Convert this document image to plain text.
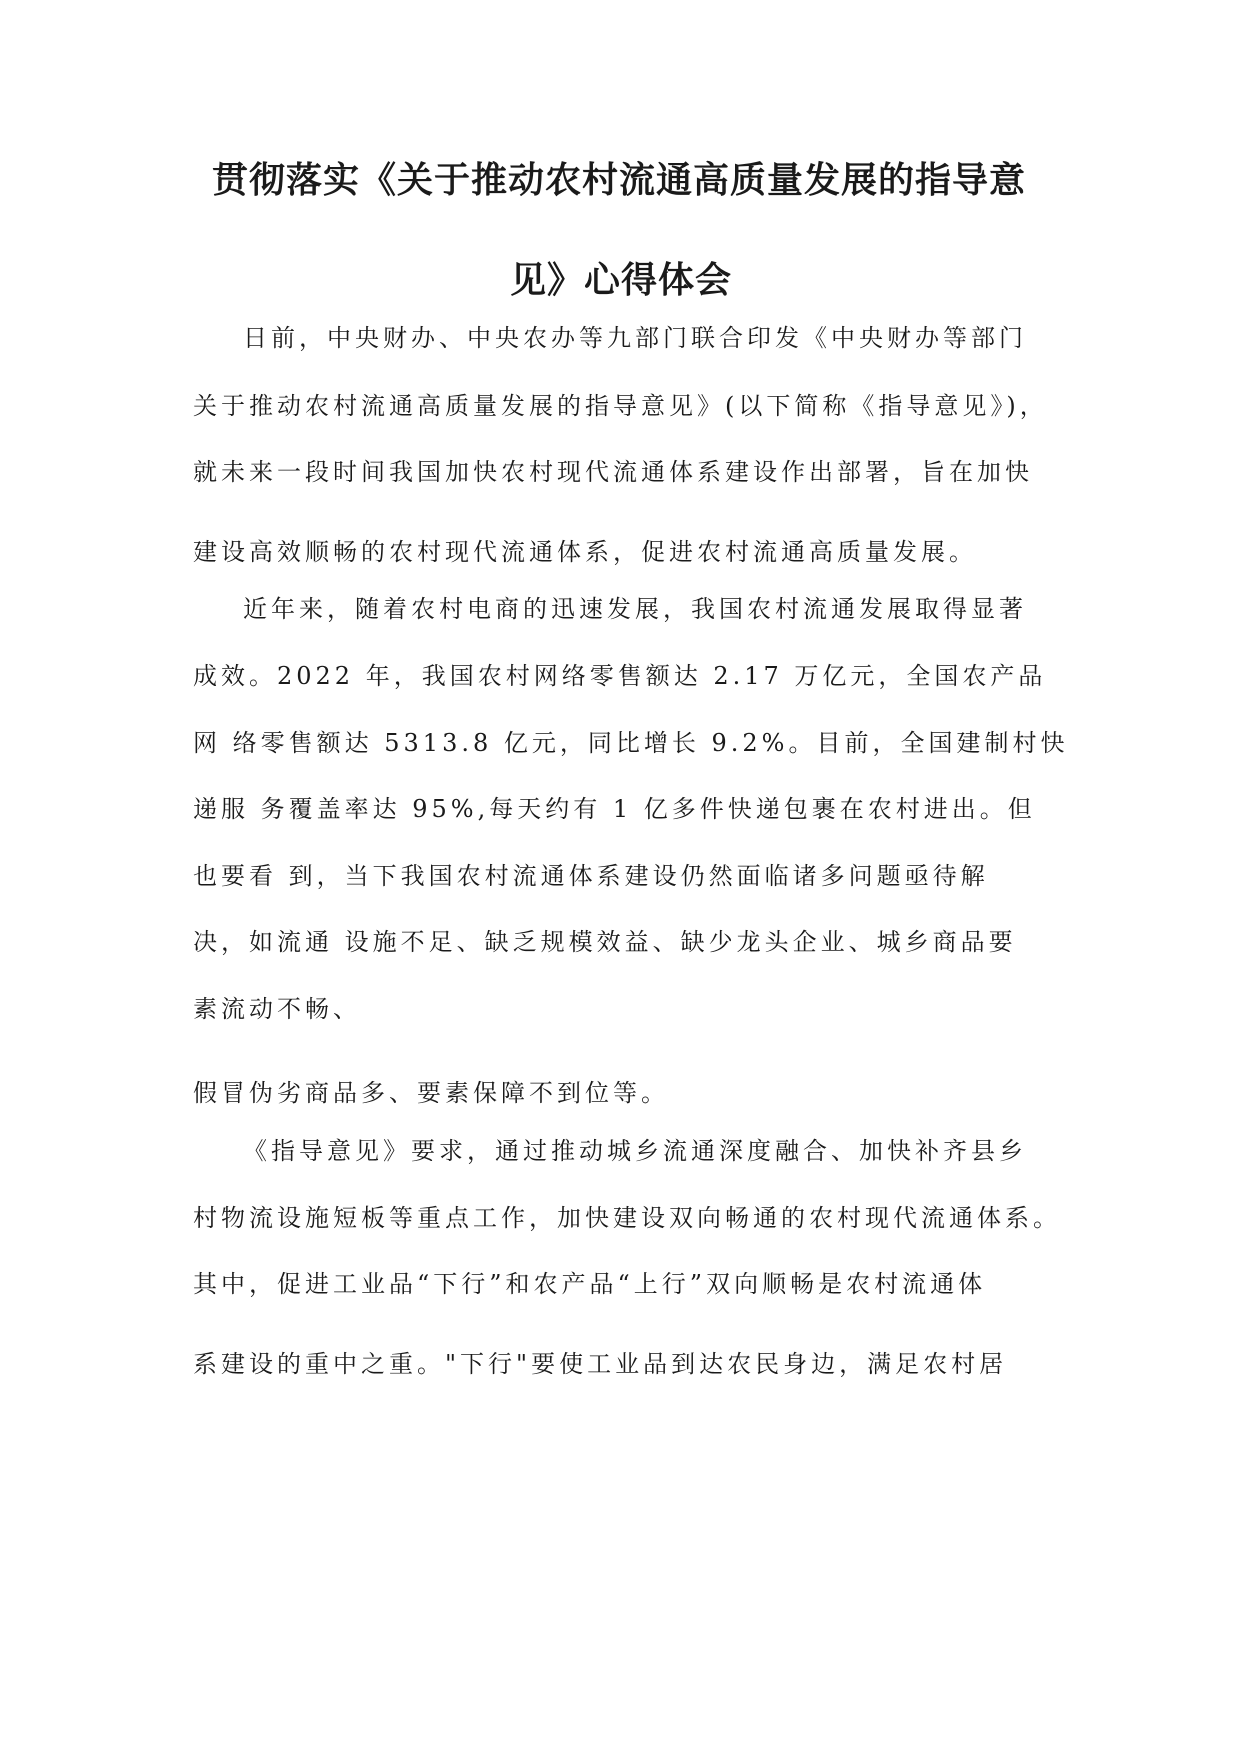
贯彻落实《关于推动农村流通高质量发展的指导意
见》心得体会

日前，中央财办、中央农办等九部门联合印发《中央财办等部门

关于推动农村流通高质量发展的指导意见》(以下简称《指导意见》)，

就未来一段时间我国加快农村现代流通体系建设作出部署，旨在加快

建设高效顺畅的农村现代流通体系，促进农村流通高质量发展。

近年来，随着农村电商的迅速发展，我国农村流通发展取得显著

成效。2022 年，我国农村网络零售额达 2.17 万亿元，全国农产品

网 络零售额达 5313.8 亿元，同比增长 9.2%。目前，全国建制村快

递服 务覆盖率达 95%,每天约有 1 亿多件快递包裹在农村进出。但

也要看 到，当下我国农村流通体系建设仍然面临诸多问题亟待解

决，如流通 设施不足、缺乏规模效益、缺少龙头企业、城乡商品要

素流动不畅、

假冒伪劣商品多、要素保障不到位等。

《指导意见》要求，通过推动城乡流通深度融合、加快补齐县乡

村物流设施短板等重点工作，加快建设双向畅通的农村现代流通体系。

其中，促进工业品“下行”和农产品“上行”双向顺畅是农村流通体

系建设的重中之重。"下行"要使工业品到达农民身边，满足农村居
